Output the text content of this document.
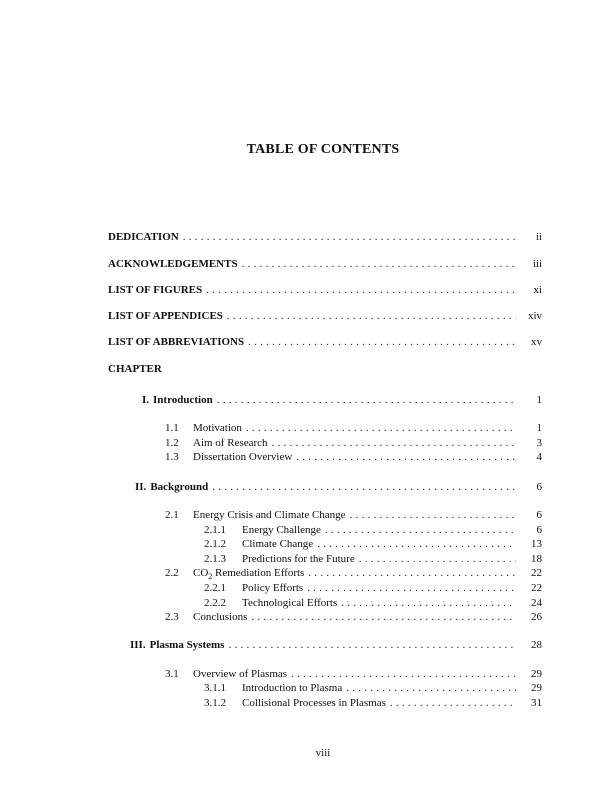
TABLE OF CONTENTS
DEDICATION . . .	ii
ACKNOWLEDGEMENTS . . .	iii
LIST OF FIGURES . . .	xi
LIST OF APPENDICES . . .	xiv
LIST OF ABBREVIATIONS . . .	xv
CHAPTER
I. Introduction . . .	1
1.1	Motivation . . .	1
1.2	Aim of Research . . .	3
1.3	Dissertation Overview . . .	4
II. Background . . .	6
2.1	Energy Crisis and Climate Change . . .	6
2.1.1	Energy Challenge . . .	6
2.1.2	Climate Change . . .	13
2.1.3	Predictions for the Future . . .	18
2.2	$CO_2$ Remediation Efforts . . .	22
2.2.1	Policy Efforts . . .	22
2.2.2	Technological Efforts . . .	24
2.3	Conclusions . . .	26
III. Plasma Systems . . .	28
3.1	Overview of Plasmas . . .	29
3.1.1	Introduction to Plasma . . .	29
3.1.2	Collisional Processes in Plasmas . . .	31
viii
